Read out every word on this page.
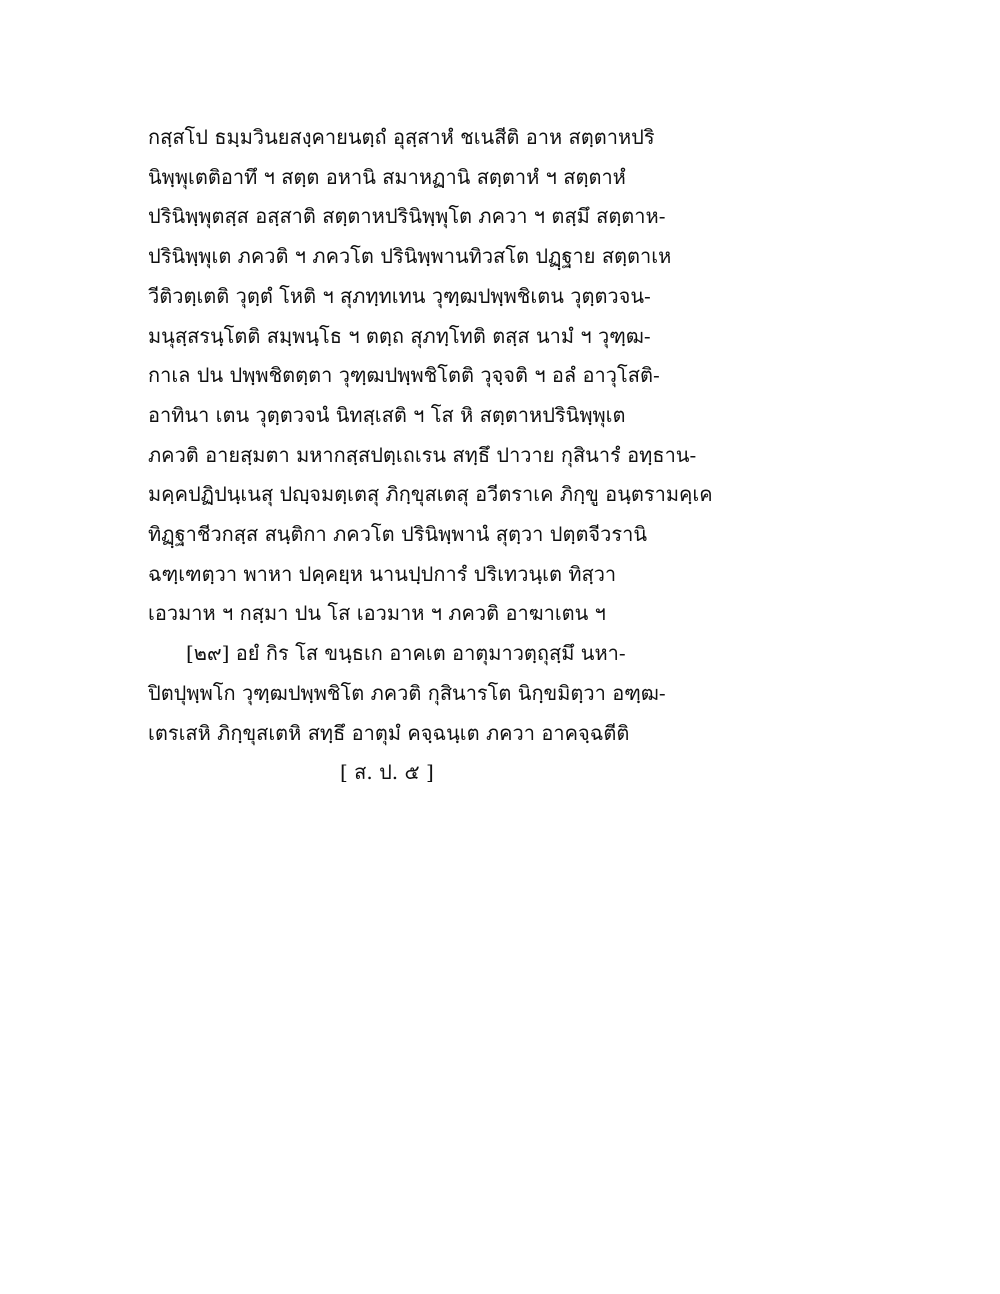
กสฺสโป ธมฺมวินยสงฺคายนตฺถํ อุสฺสาหํ ชเนสีติ อาห สตฺตาหปริ
นิพฺพุเตติอาทึ ฯ สตฺต อหานิ สมาหฏานิ สตฺตาหํ ฯ สตฺตาหํ
ปรินิพฺพุตสฺส อสฺสาติ สตฺตาหปรินิพฺพุโต ภควา ฯ ตสฺมึ สตฺตาห-
ปรินิพฺพุเต ภควติ ฯ ภควโต ปรินิพฺพานทิวสโต ปฏฺฐาย สตฺตาเห
วีติวตฺเตติ วุตฺตํ โหติ ฯ สุภทฺทเทน วุฑฺฒปพฺพชิเตน วุตฺตวจน-
มนุสฺสรนฺโตติ สมฺพนฺโธ ฯ ตตฺถ สุภทฺโทติ ตสฺส นามํ ฯ วุฑฺฒ-
กาเล ปน ปพฺพชิตตฺตา วุฑฺฒปพฺพชิโตติ วุจฺจติ ฯ อลํ อาวุโสติ-
อาทินา เตน วุตฺตวจนํ นิทสฺเสติ ฯ โส หิ สตฺตาหปรินิพฺพุเต
ภควติ อายสฺมตา มหากสฺสปตฺเถเรน สทฺธึ ปาวาย กุสินารํ อทฺธาน-
มคฺคปฏิปนฺเนสุ ปญฺจมตฺเตสุ ภิกฺขุสเตสุ อวีตราเค ภิกฺขู อนฺตรามคฺเค
ทิฏฺฐาชีวกสฺส สนฺติกา ภควโต ปรินิพฺพานํ สุตฺวา ปตฺตจีวรานิ
ฉฑฺเฑตฺวา พาหา ปคฺคยฺห นานปฺปการํ ปริเทวนฺเต ทิสฺวา
เอวมาห ฯ กสฺมา ปน โส เอวมาห ฯ ภควติ อาฆาเตน ฯ
[๒๙] อยํ กิร โส ขนฺธเก อาคเต อาตุมาวตฺถุสฺมึ นหา-
ปิตปุพฺพโก วุฑฺฒปพฺพชิโต ภควติ กุสินารโต นิกฺขมิตฺวา อฑฺฒ-
เตรเสหิ ภิกฺขุสเตหิ สทฺธึ อาตุมํ คจฺฉนฺเต ภควา อาคจฺฉตีติ
[ ส. ป. ๕ ]
